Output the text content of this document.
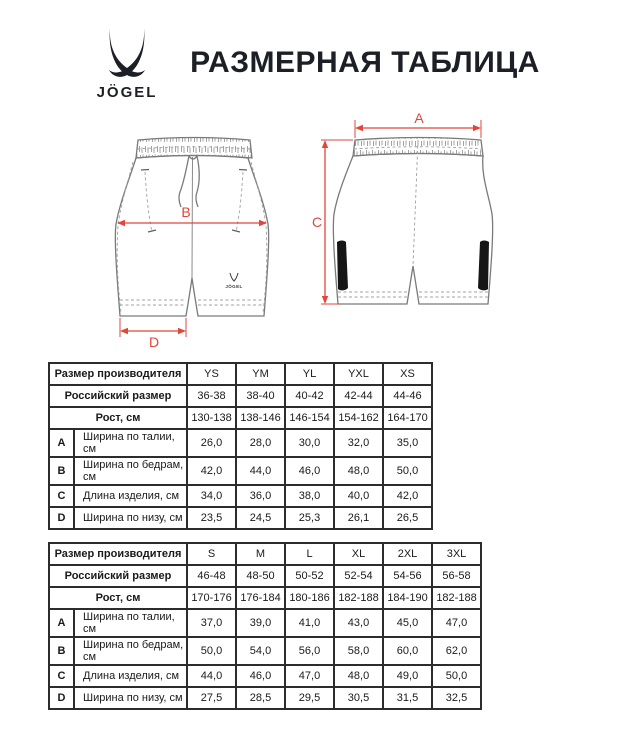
JÖGEL
РАЗМЕРНАЯ ТАБЛИЦА
JÖGEL
B
D
A
C
Размер производителя		YS	YM	YL	YXL	XS
Российский размер		36-38	38-40	40-42	42-44	44-46
Рост, см		130-138	138-146	146-154	154-162	164-170
A	Ширина по талии, см	26,0	28,0	30,0	32,0	35,0
B	Ширина по бедрам, см	42,0	44,0	46,0	48,0	50,0
C	Длина изделия, см	34,0	36,0	38,0	40,0	42,0
D	Ширина по низу, см	23,5	24,5	25,3	26,1	26,5
Размер производителя		S	M	L	XL	2XL	3XL
Российский размер		46-48	48-50	50-52	52-54	54-56	56-58
Рост, см		170-176	176-184	180-186	182-188	184-190	182-188
A	Ширина по талии, см	37,0	39,0	41,0	43,0	45,0	47,0
B	Ширина по бедрам, см	50,0	54,0	56,0	58,0	60,0	62,0
C	Длина изделия, см	44,0	46,0	47,0	48,0	49,0	50,0
D	Ширина по низу, см	27,5	28,5	29,5	30,5	31,5	32,5
